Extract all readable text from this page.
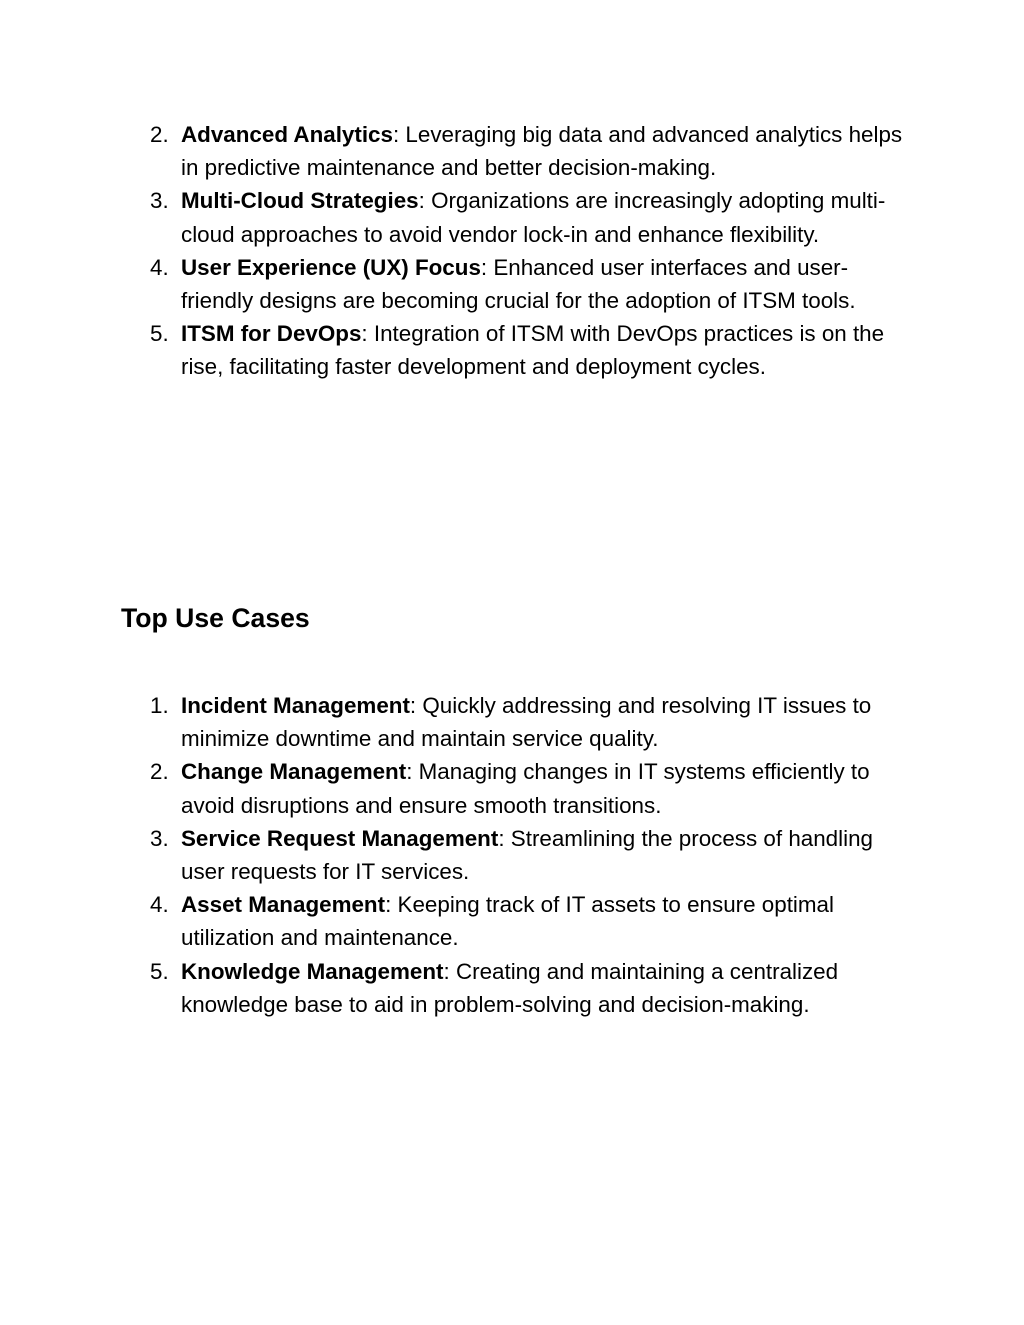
2. Advanced Analytics: Leveraging big data and advanced analytics helps in predictive maintenance and better decision-making.
3. Multi-Cloud Strategies: Organizations are increasingly adopting multi-cloud approaches to avoid vendor lock-in and enhance flexibility.
4. User Experience (UX) Focus: Enhanced user interfaces and user-friendly designs are becoming crucial for the adoption of ITSM tools.
5. ITSM for DevOps: Integration of ITSM with DevOps practices is on the rise, facilitating faster development and deployment cycles.
Top Use Cases
1. Incident Management: Quickly addressing and resolving IT issues to minimize downtime and maintain service quality.
2. Change Management: Managing changes in IT systems efficiently to avoid disruptions and ensure smooth transitions.
3. Service Request Management: Streamlining the process of handling user requests for IT services.
4. Asset Management: Keeping track of IT assets to ensure optimal utilization and maintenance.
5. Knowledge Management: Creating and maintaining a centralized knowledge base to aid in problem-solving and decision-making.
